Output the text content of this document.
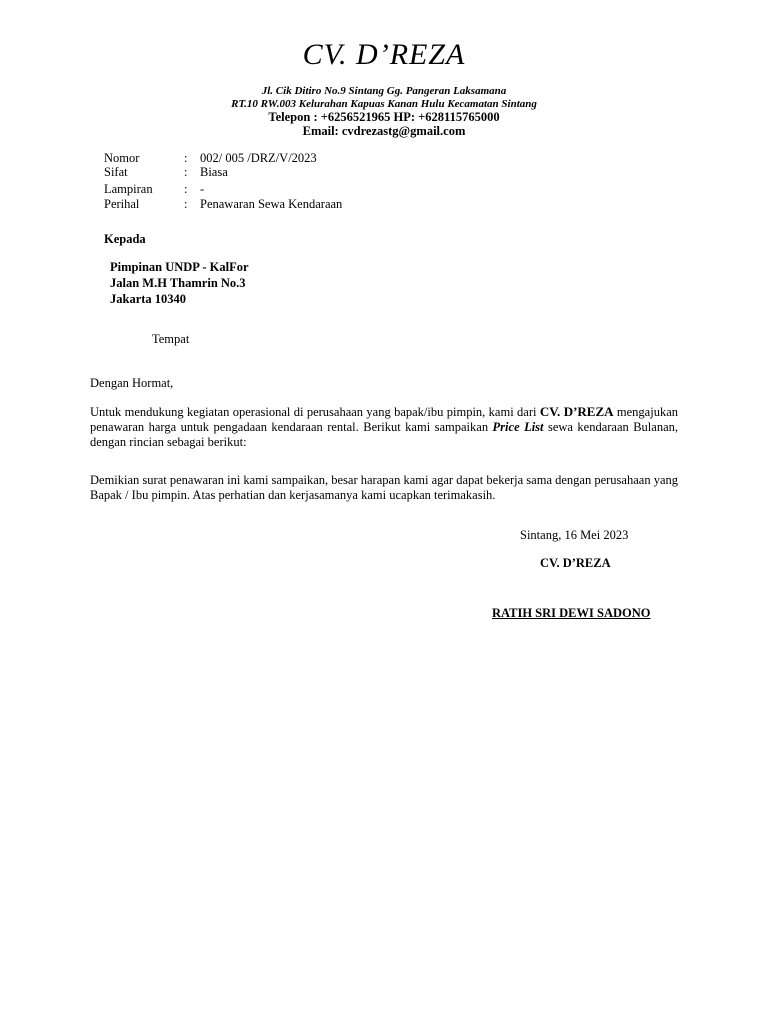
CV. D’REZA
Jl. Cik Ditiro No.9 Sintang Gg. Pangeran Laksamana
RT.10 RW.003 Kelurahan Kapuas Kanan Hulu Kecamatan Sintang
Telepon : +6256521965 HP: +628115765000
Email: cvdrezastg@gmail.com
Nomor	:	002/ 005 /DRZ/V/2023
Sifat	:	Biasa
Lampiran	:	-
Perihal	:	Penawaran Sewa Kendaraan
Kepada
Pimpinan UNDP - KalFor
Jalan M.H Thamrin No.3
Jakarta 10340
Tempat
Dengan Hormat,
Untuk mendukung kegiatan operasional di perusahaan yang bapak/ibu pimpin, kami dari CV. D’REZA mengajukan penawaran harga untuk pengadaan kendaraan rental. Berikut kami sampaikan Price List sewa kendaraan Bulanan, dengan rincian sebagai berikut:
Demikian surat penawaran ini kami sampaikan, besar harapan kami agar dapat bekerja sama dengan perusahaan yang Bapak / Ibu pimpin. Atas perhatian dan kerjasamanya kami ucapkan terimakasih.
Sintang, 16 Mei 2023
CV. D’REZA
RATIH SRI DEWI SADONO
